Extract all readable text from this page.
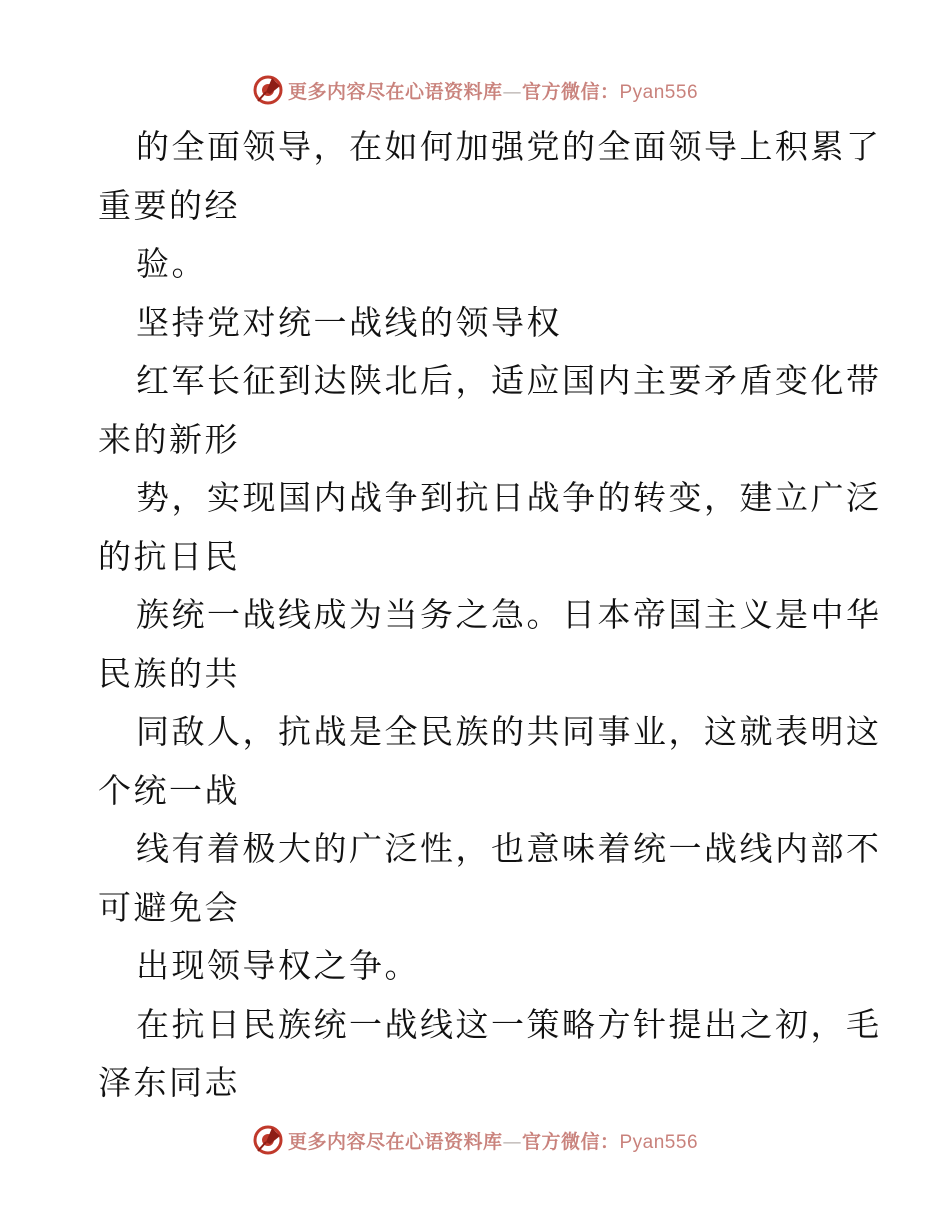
更多内容尽在心语资料库—官方微信：Pyan556
的全面领导，在如何加强党的全面领导上积累了
重要的经
验。
坚持党对统一战线的领导权
红军长征到达陕北后，适应国内主要矛盾变化带
来的新形
势，实现国内战争到抗日战争的转变，建立广泛
的抗日民
族统一战线成为当务之急。日本帝国主义是中华
民族的共
同敌人，抗战是全民族的共同事业，这就表明这
个统一战
线有着极大的广泛性，也意味着统一战线内部不
可避免会
出现领导权之争。
在抗日民族统一战线这一策略方针提出之初，毛
泽东同志
更多内容尽在心语资料库—官方微信：Pyan556
